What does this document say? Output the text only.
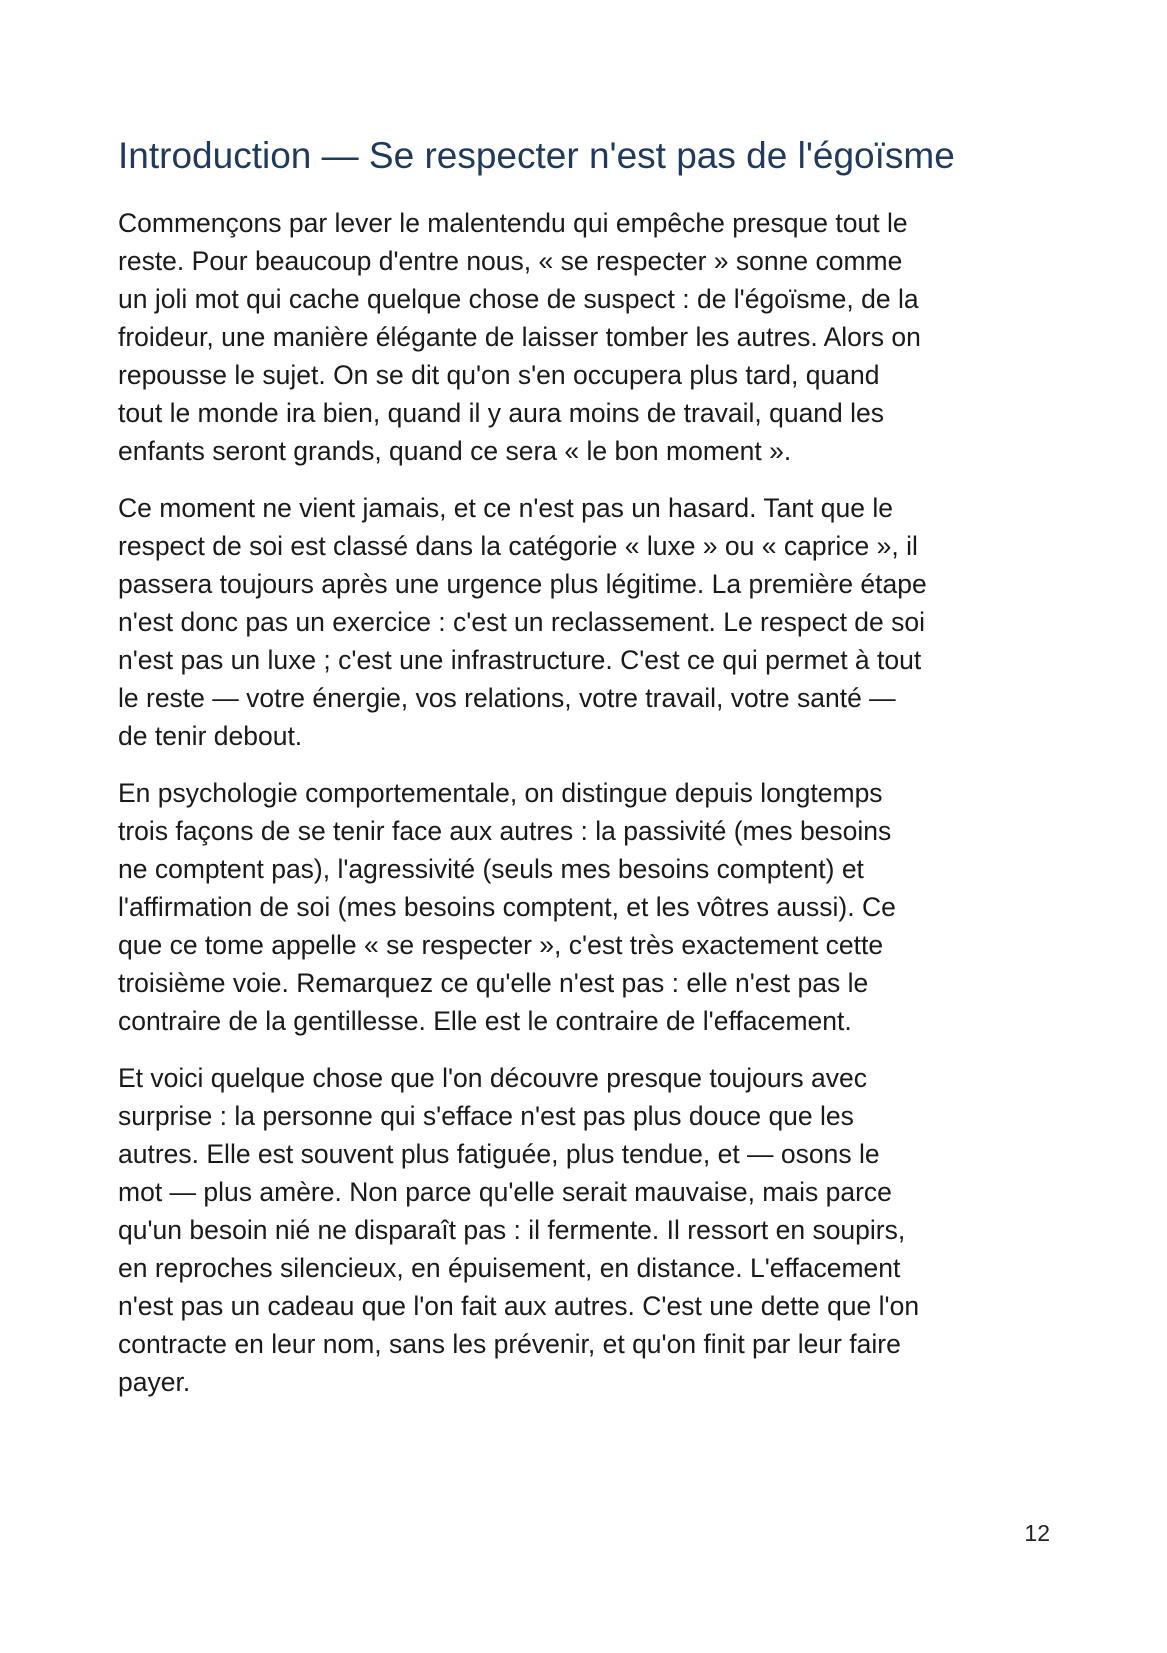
Introduction — Se respecter n'est pas de l'égoïsme

Commençons par lever le malentendu qui empêche presque tout le
reste. Pour beaucoup d'entre nous, « se respecter » sonne comme
un joli mot qui cache quelque chose de suspect : de l'égoïsme, de la
froideur, une manière élégante de laisser tomber les autres. Alors on
repousse le sujet. On se dit qu'on s'en occupera plus tard, quand
tout le monde ira bien, quand il y aura moins de travail, quand les
enfants seront grands, quand ce sera « le bon moment ».

Ce moment ne vient jamais, et ce n'est pas un hasard. Tant que le
respect de soi est classé dans la catégorie « luxe » ou « caprice », il
passera toujours après une urgence plus légitime. La première étape
n'est donc pas un exercice : c'est un reclassement. Le respect de soi
n'est pas un luxe ; c'est une infrastructure. C'est ce qui permet à tout
le reste — votre énergie, vos relations, votre travail, votre santé —
de tenir debout.

En psychologie comportementale, on distingue depuis longtemps
trois façons de se tenir face aux autres : la passivité (mes besoins
ne comptent pas), l'agressivité (seuls mes besoins comptent) et
l'affirmation de soi (mes besoins comptent, et les vôtres aussi). Ce
que ce tome appelle « se respecter », c'est très exactement cette
troisième voie. Remarquez ce qu'elle n'est pas : elle n'est pas le
contraire de la gentillesse. Elle est le contraire de l'effacement.

Et voici quelque chose que l'on découvre presque toujours avec
surprise : la personne qui s'efface n'est pas plus douce que les
autres. Elle est souvent plus fatiguée, plus tendue, et — osons le
mot — plus amère. Non parce qu'elle serait mauvaise, mais parce
qu'un besoin nié ne disparaît pas : il fermente. Il ressort en soupirs,
en reproches silencieux, en épuisement, en distance. L'effacement
n'est pas un cadeau que l'on fait aux autres. C'est une dette que l'on
contracte en leur nom, sans les prévenir, et qu'on finit par leur faire
payer.

12
